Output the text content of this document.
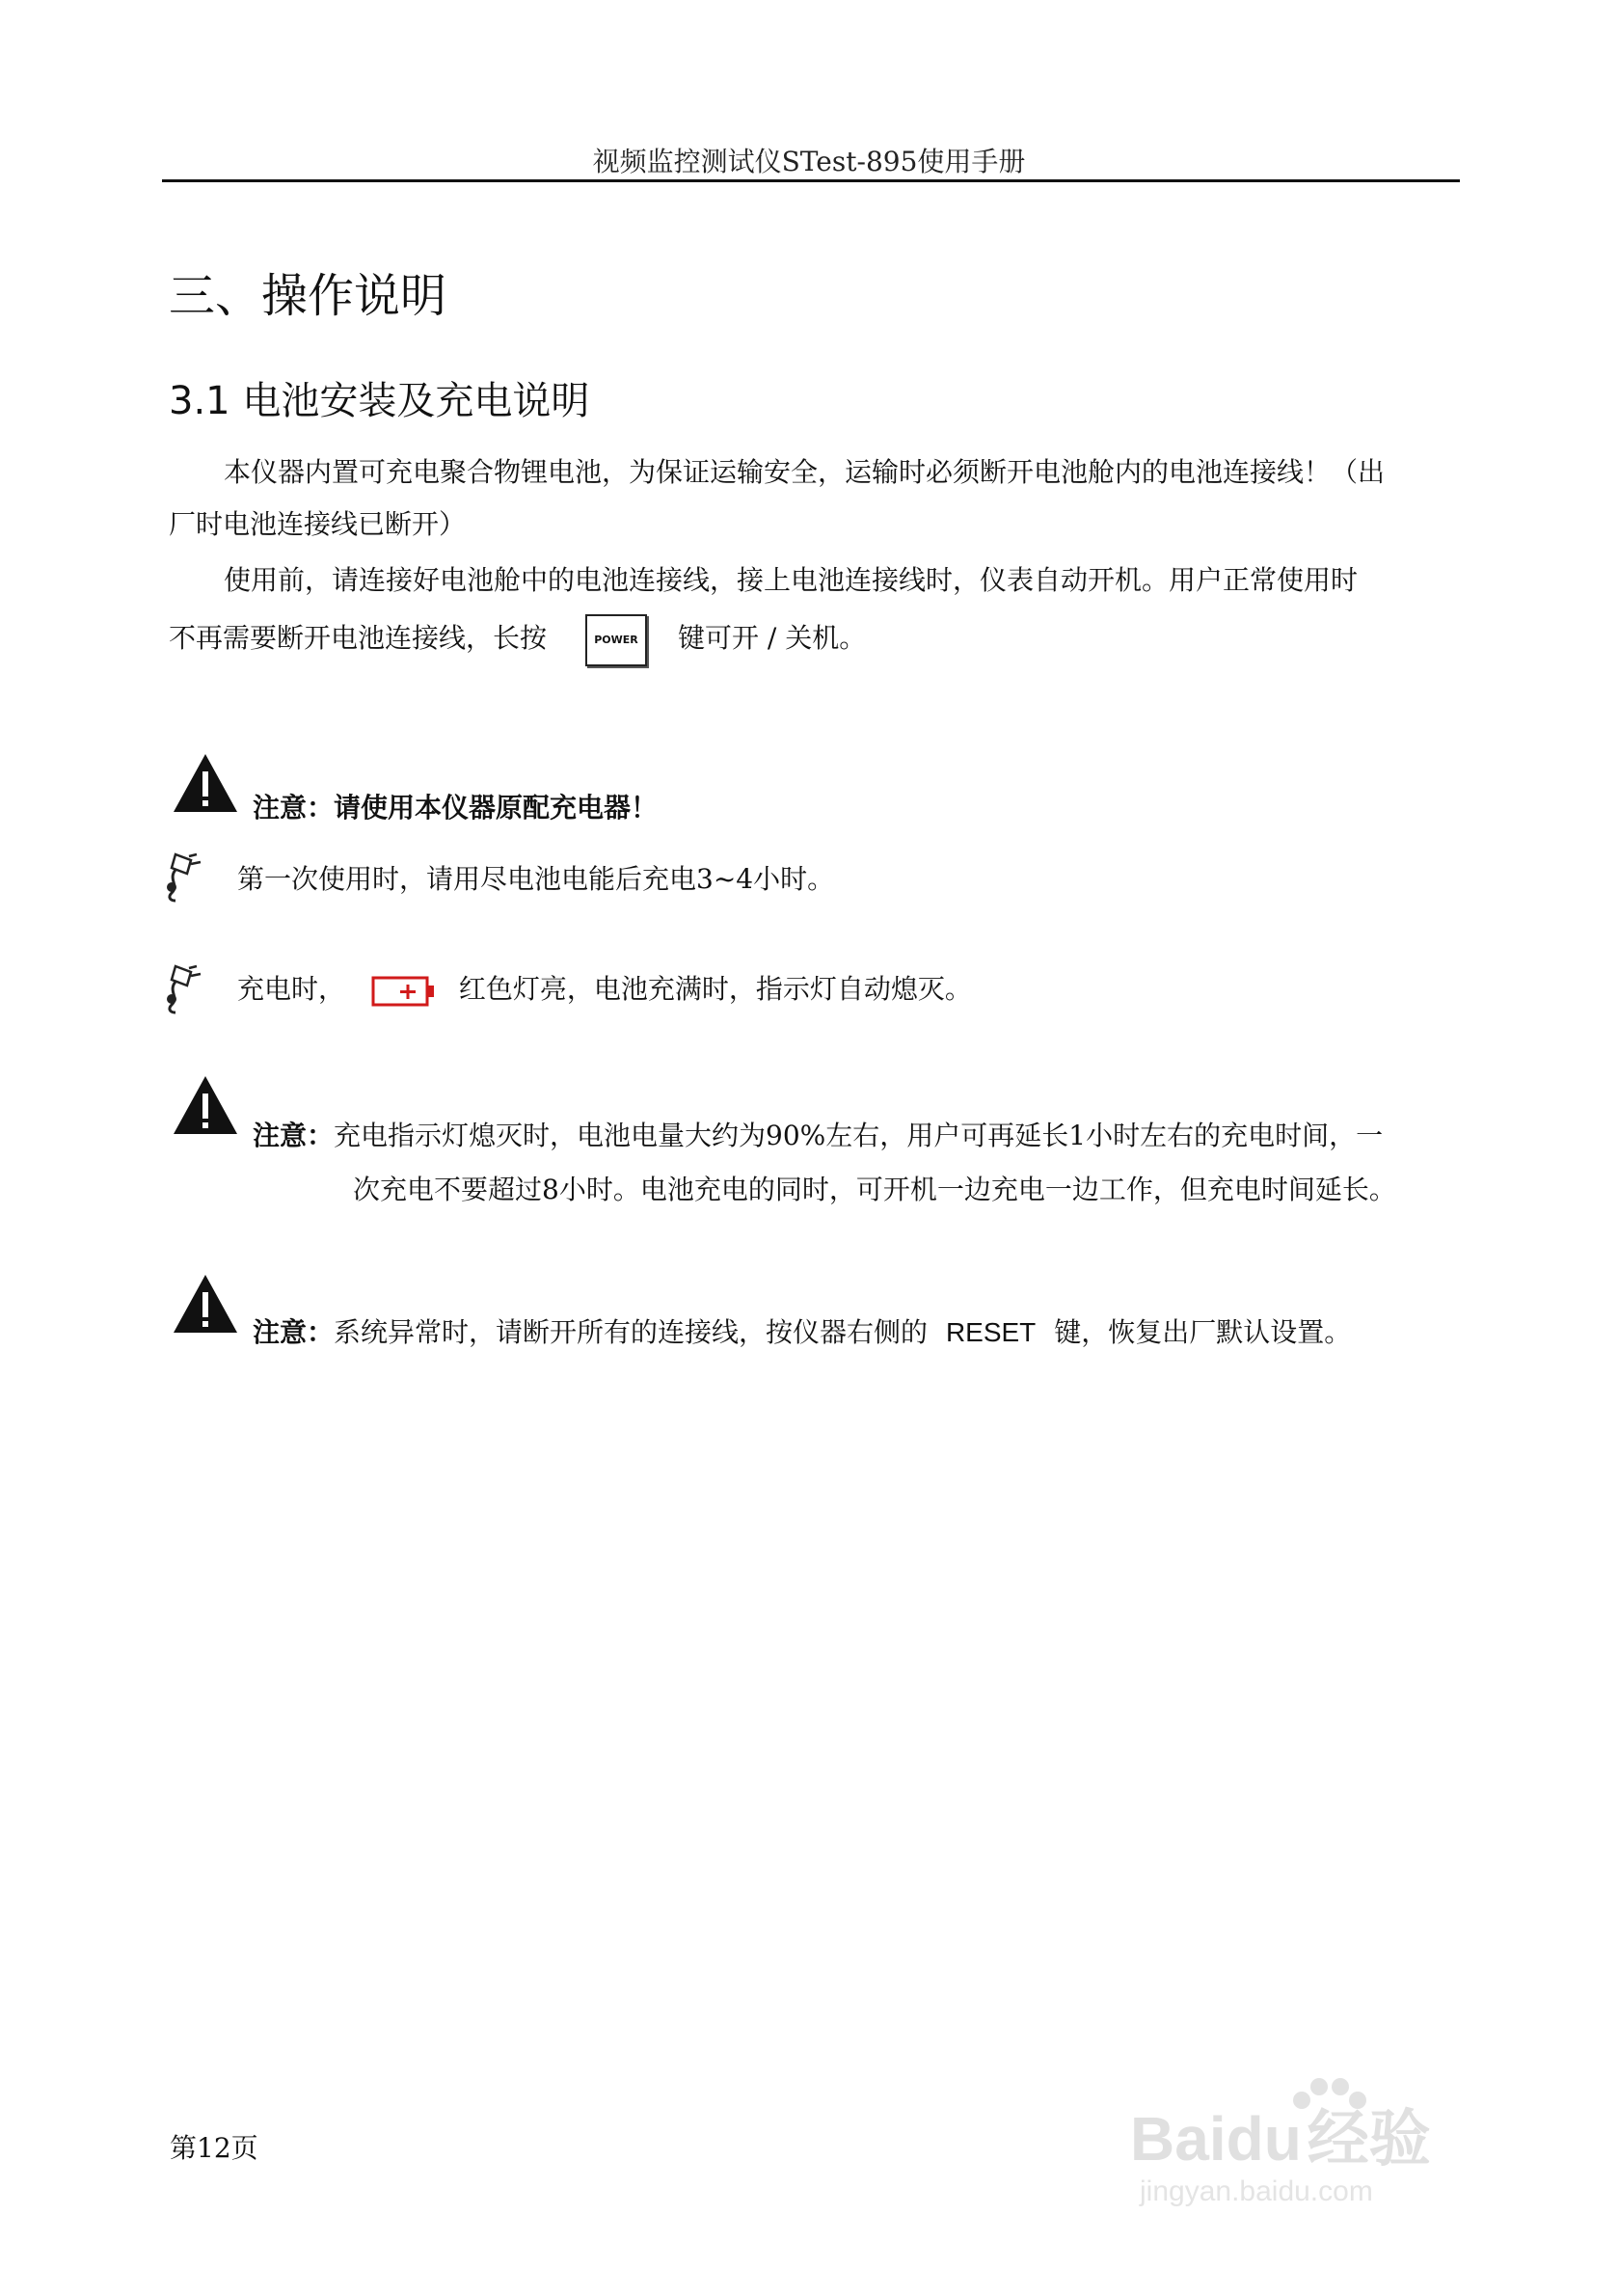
视频监控测试仪STest-895使用手册
三、操作说明
3.1 电池安装及充电说明
本仪器内置可充电聚合物锂电池，为保证运输安全，运输时必须断开电池舱内的电池连接线！（出
厂时电池连接线已断开）
使用前，请连接好电池舱中的电池连接线，接上电池连接线时，仪表自动开机。用户正常使用时
不再需要断开电池连接线，长按	POWER 键可开 / 关机。
注意：请使用本仪器原配充电器！
第一次使用时，请用尽电池电能后充电3~4小时。
充电时，	红色灯亮，电池充满时，指示灯自动熄灭。
注意：充电指示灯熄灭时，电池电量大约为90%左右，用户可再延长1小时左右的充电时间，一
次充电不要超过8小时。电池充电的同时，可开机一边充电一边工作，但充电时间延长。
注意：系统异常时，请断开所有的连接线，按仪器右侧的 RESET 键，恢复出厂默认设置。
第12页	Baidu经验
jingyan.baidu.com
